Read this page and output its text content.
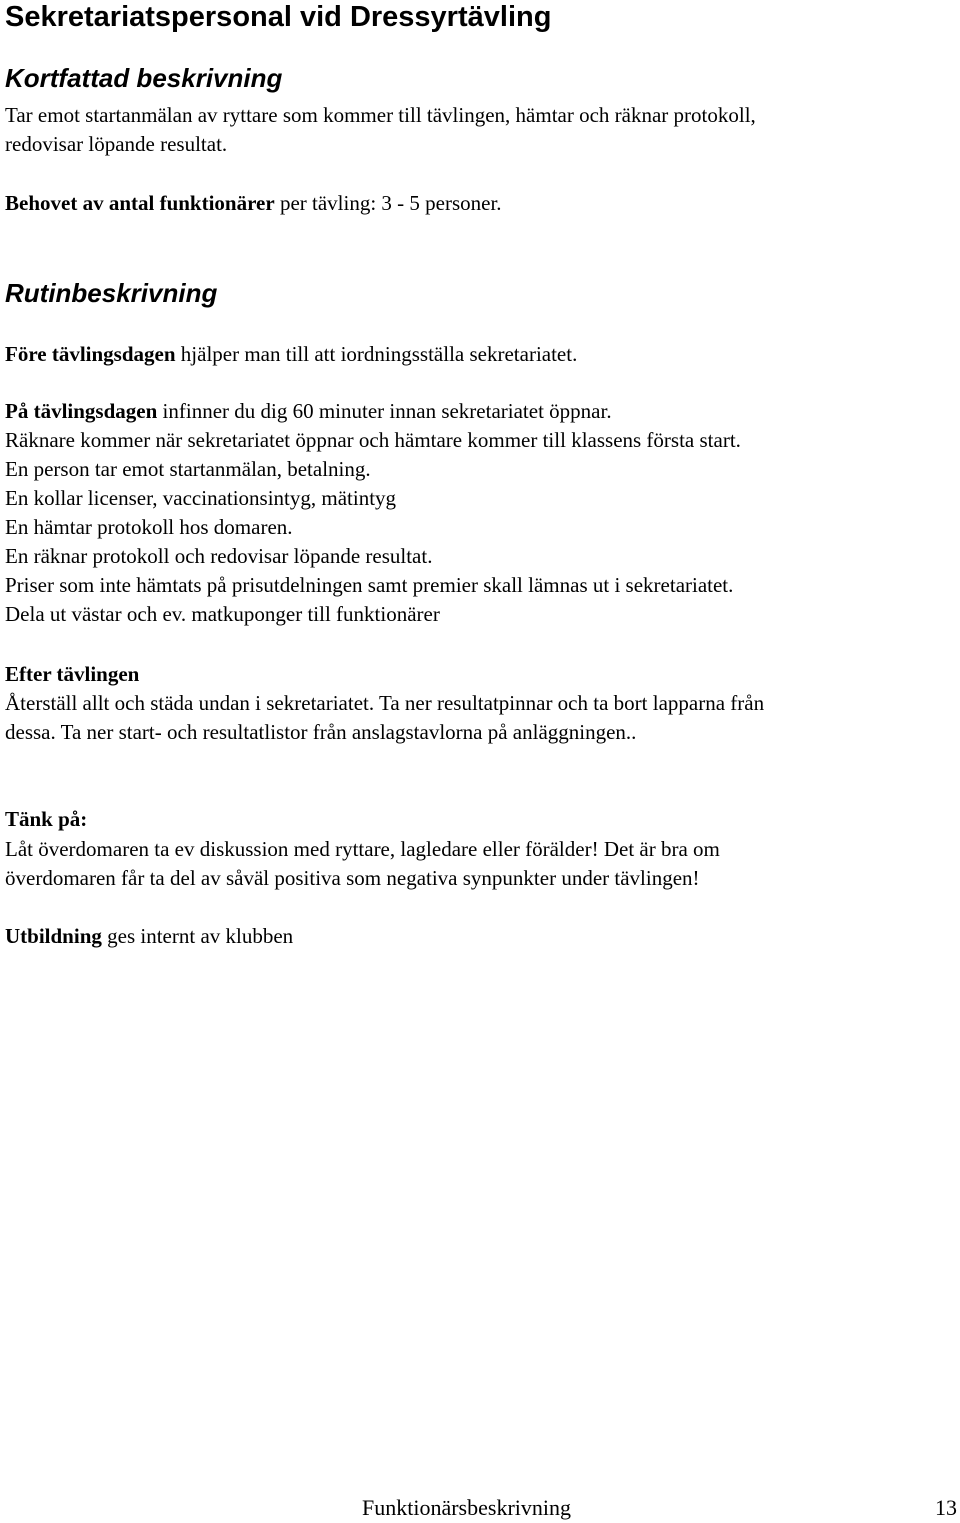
Sekretariatspersonal vid Dressyrtävling
Kortfattad beskrivning
Tar emot startanmälan av ryttare som kommer till tävlingen, hämtar och räknar protokoll,
redovisar löpande resultat.
Behovet av antal funktionärer per tävling: 3 - 5 personer.
Rutinbeskrivning
Före tävlingsdagen hjälper man till att iordningsställa sekretariatet.
På tävlingsdagen infinner du dig 60 minuter innan sekretariatet öppnar.
Räknare kommer när sekretariatet öppnar och hämtare kommer till klassens första start.
En person tar emot startanmälan, betalning.
En kollar licenser, vaccinationsintyg, mätintyg
En hämtar protokoll hos domaren.
En räknar protokoll och redovisar löpande resultat.
Priser som inte hämtats på prisutdelningen samt premier skall lämnas ut i sekretariatet.
Dela ut västar och ev. matkuponger till funktionärer
Efter tävlingen
Återställ allt och städa undan i sekretariatet. Ta ner resultatpinnar och ta bort lapparna från
dessa. Ta ner start- och resultatlistor från anslagstavlorna på anläggningen..
Tänk på:
Låt överdomaren ta ev diskussion med ryttare, lagledare eller förälder! Det är bra om
överdomaren får ta del av såväl positiva som negativa synpunkter under tävlingen!
Utbildning ges internt av klubben
Funktionärsbeskrivning	13
